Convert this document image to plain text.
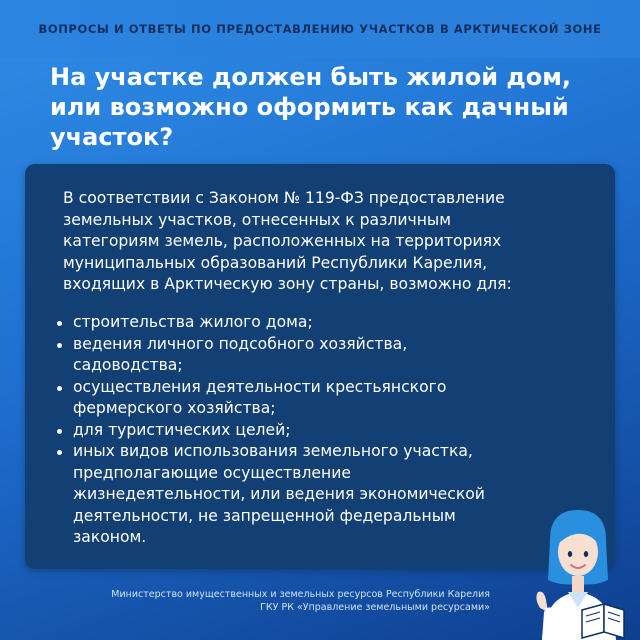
ВОПРОСЫ И ОТВЕТЫ ПО ПРЕДОСТАВЛЕНИЮ УЧАСТКОВ В АРКТИЧЕСКОЙ ЗОНЕ
На участке должен быть жилой дом,
или возможно оформить как дачный
участок?
В соответствии с Законом № 119-ФЗ предоставление
земельных участков, отнесенных к различным
категориям земель, расположенных на территориях
муниципальных образований Республики Карелия,
входящих в Арктическую зону страны, возможно для:
строительства жилого дома;
ведения личного подсобного хозяйства,
садоводства;
осуществления деятельности крестьянского
фермерского хозяйства;
для туристических целей;
иных видов использования земельного участка,
предполагающие осуществление
жизнедеятельности, или ведения экономической
деятельности, не запрещенной федеральным
законом.
Министерство имущественных и земельных ресурсов Республики Карелия
ГКУ РК «Управление земельными ресурсами»
